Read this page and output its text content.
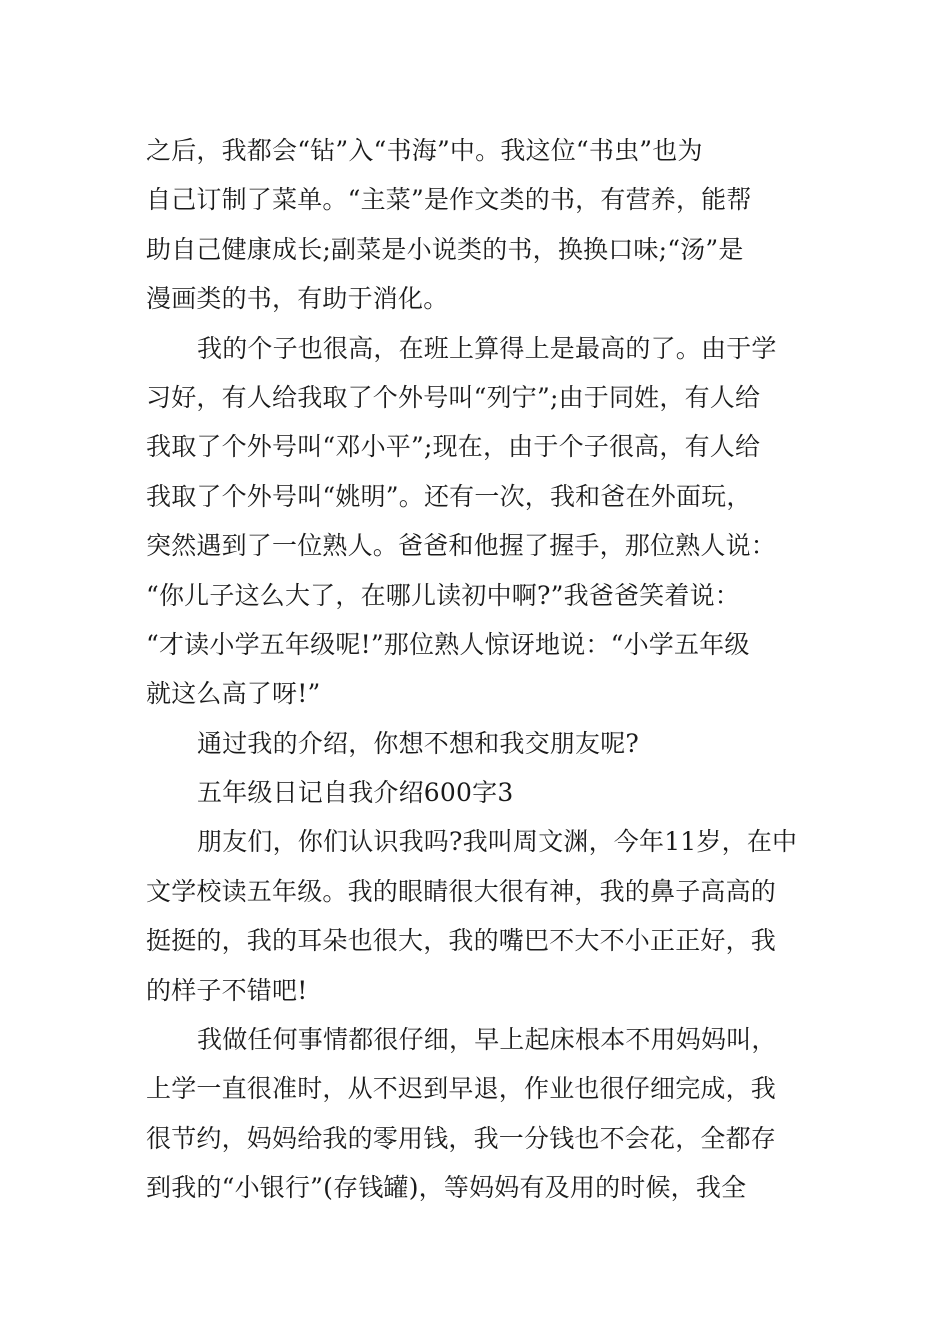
之后，我都会“钻”入“书海”中。我这位“书虫”也为
自己订制了菜单。“主菜”是作文类的书，有营养，能帮
助自己健康成长;副菜是小说类的书，换换口味;“汤”是
漫画类的书，有助于消化。
我的个子也很高，在班上算得上是最高的了。由于学
习好，有人给我取了个外号叫“列宁”;由于同姓，有人给
我取了个外号叫“邓小平”;现在，由于个子很高，有人给
我取了个外号叫“姚明”。还有一次，我和爸在外面玩，
突然遇到了一位熟人。爸爸和他握了握手，那位熟人说：
“你儿子这么大了，在哪儿读初中啊?”我爸爸笑着说：
“才读小学五年级呢!”那位熟人惊讶地说：“小学五年级
就这么高了呀!”
通过我的介绍，你想不想和我交朋友呢?
五年级日记自我介绍600字3
朋友们，你们认识我吗?我叫周文渊，今年11岁，在中
文学校读五年级。我的眼睛很大很有神，我的鼻子高高的
挺挺的，我的耳朵也很大，我的嘴巴不大不小正正好，我
的样子不错吧!
我做任何事情都很仔细，早上起床根本不用妈妈叫，
上学一直很准时，从不迟到早退，作业也很仔细完成，我
很节约，妈妈给我的零用钱，我一分钱也不会花，全都存
到我的“小银行”(存钱罐)，等妈妈有及用的时候，我全
